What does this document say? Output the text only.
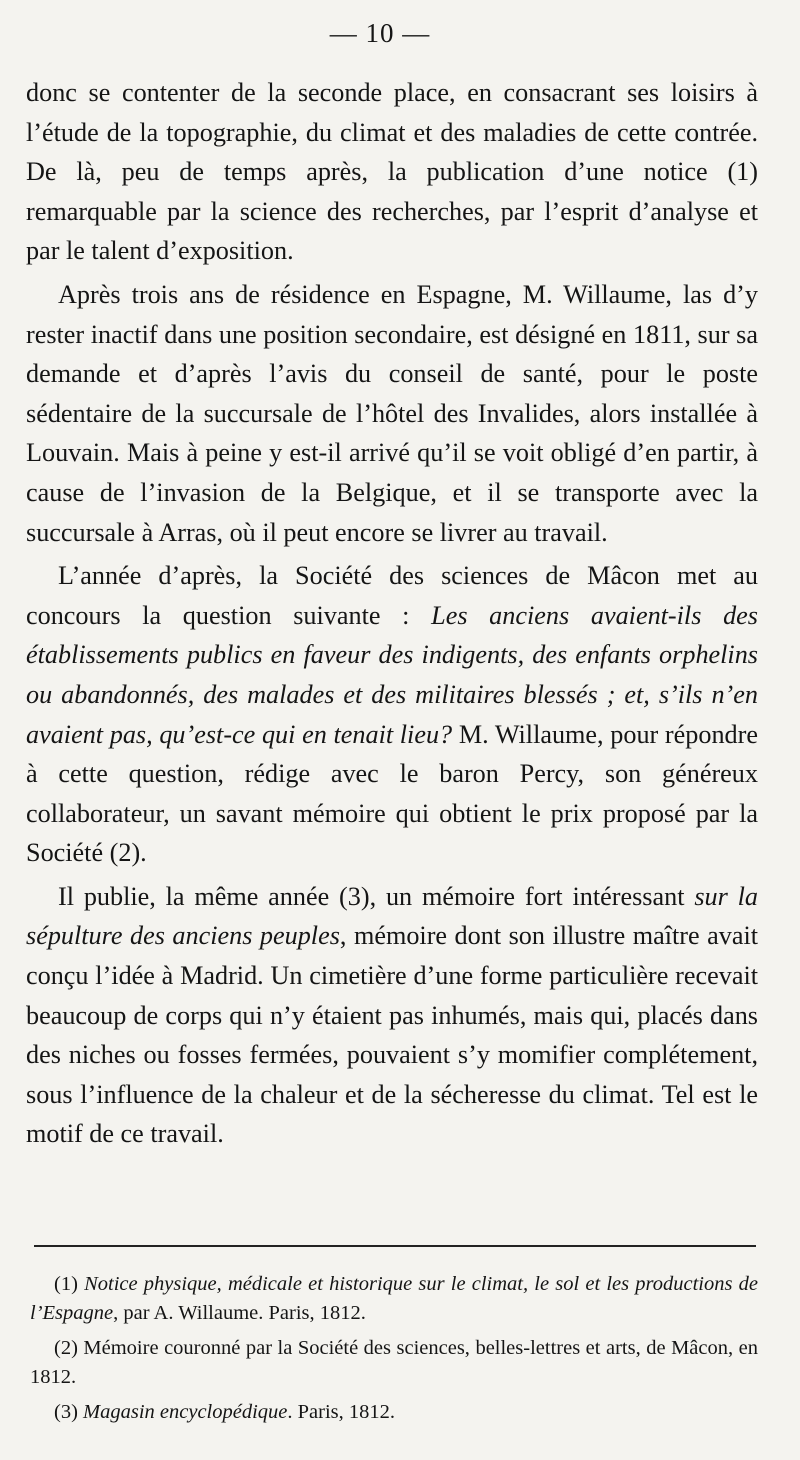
— 10 —

donc se contenter de la seconde place, en consacrant ses loisirs à l’étude de la topographie, du climat et des maladies de cette contrée. De là, peu de temps après, la publication d’une notice (1) remarquable par la science des recherches, par l’esprit d’analyse et par le talent d’exposition.

Après trois ans de résidence en Espagne, M. Willaume, las d’y rester inactif dans une position secondaire, est désigné en 1811, sur sa demande et d’après l’avis du conseil de santé, pour le poste sédentaire de la succursale de l’hôtel des Invalides, alors installée à Louvain. Mais à peine y est-il arrivé qu’il se voit obligé d’en partir, à cause de l’invasion de la Belgique, et il se transporte avec la succursale à Arras, où il peut encore se livrer au travail.

L’année d’après, la Société des sciences de Mâcon met au concours la question suivante : Les anciens avaient-ils des établissements publics en faveur des indigents, des enfants orphelins ou abandonnés, des malades et des militaires blessés ; et, s’ils n’en avaient pas, qu’est-ce qui en tenait lieu? M. Willaume, pour répondre à cette question, rédige avec le baron Percy, son généreux collaborateur, un savant mémoire qui obtient le prix proposé par la Société (2).

Il publie, la même année (3), un mémoire fort intéressant sur la sépulture des anciens peuples, mémoire dont son illustre maître avait conçu l’idée à Madrid. Un cimetière d’une forme particulière recevait beaucoup de corps qui n’y étaient pas inhumés, mais qui, placés dans des niches ou fosses fermées, pouvaient s’y momifier complétement, sous l’influence de la chaleur et de la sécheresse du climat. Tel est le motif de ce travail.

(1) Notice physique, médicale et historique sur le climat, le sol et les productions de l’Espagne, par A. Willaume. Paris, 1812.

(2) Mémoire couronné par la Société des sciences, belles-lettres et arts, de Mâcon, en 1812.

(3) Magasin encyclopédique. Paris, 1812.
